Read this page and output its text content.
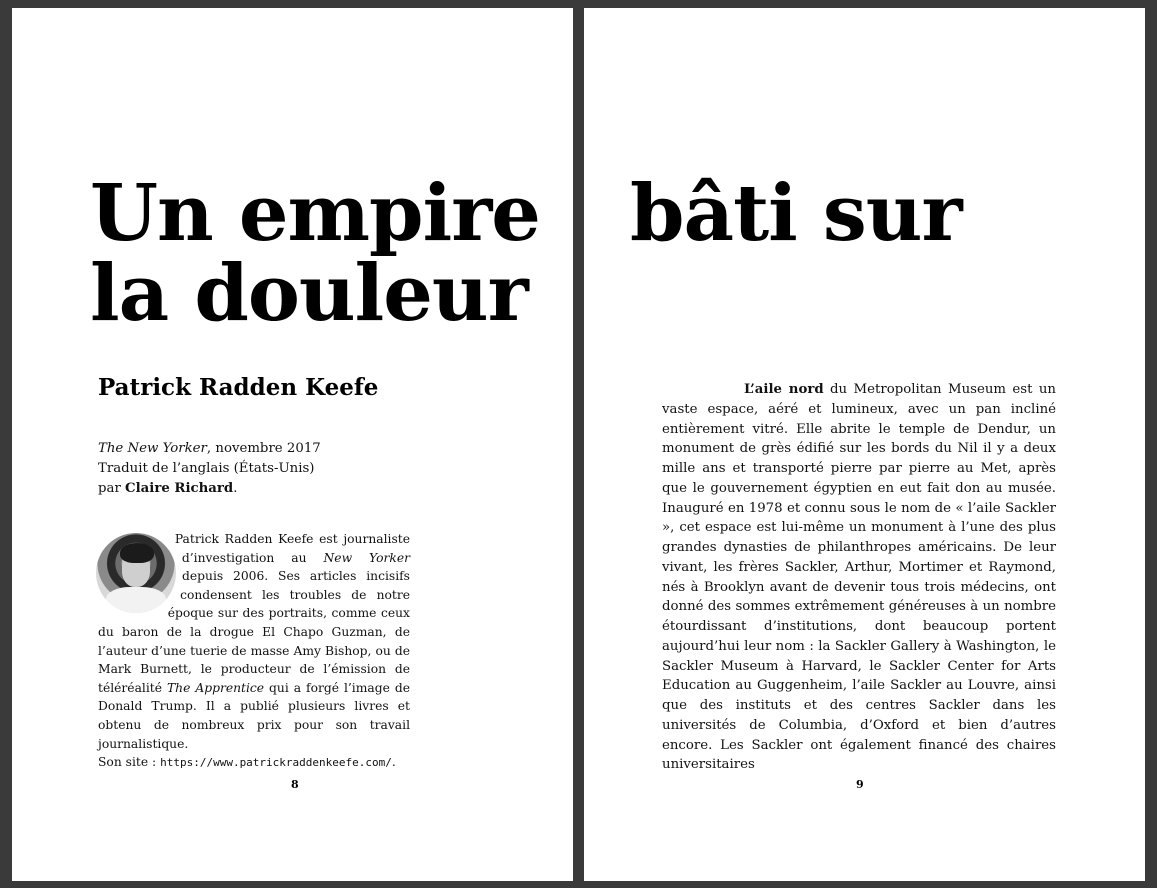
Un empire
la douleur
Patrick Radden Keefe
The New Yorker, novembre 2017
Traduit de l’anglais (États-Unis)
par Claire Richard.

Patrick Radden Keefe est journaliste d’investigation au New Yorker depuis 2006. Ses articles incisifs condensent les troubles de notre époque sur des portraits, comme ceux du baron de la drogue El Chapo Guzman, de l’auteur d’une tuerie de masse Amy Bishop, ou de Mark Burnett, le producteur de l’émission de téléréalité The Apprentice qui a forgé l’image de Donald Trump. Il a publié plusieurs livres et obtenu de nombreux prix pour son travail journalistique.

Son site : https://www.patrickraddenkeefe.com/.

8
bâti sur

L’aile nord du Metropolitan Museum est un vaste espace, aéré et lumineux, avec un pan incliné entièrement vitré. Elle abrite le temple de Dendur, un monument de grès édifié sur les bords du Nil il y a deux mille ans et transporté pierre par pierre au Met, après que le gouvernement égyptien en eut fait don au musée. Inauguré en 1978 et connu sous le nom de « l’aile Sackler », cet espace est lui-même un monument à l’une des plus grandes dynasties de philanthropes américains. De leur vivant, les frères Sackler, Arthur, Mortimer et Raymond, nés à Brooklyn avant de devenir tous trois médecins, ont donné des sommes extrêmement généreuses à un nombre étourdissant d’institutions, dont beaucoup portent aujourd’hui leur nom : la Sackler Gallery à Washington, le Sackler Museum à Harvard, le Sackler Center for Arts Education au Guggenheim, l’aile Sackler au Louvre, ainsi que des instituts et des centres Sackler dans les universités de Columbia, d’Oxford et bien d’autres encore. Les Sackler ont également financé des chaires universitaires

9
